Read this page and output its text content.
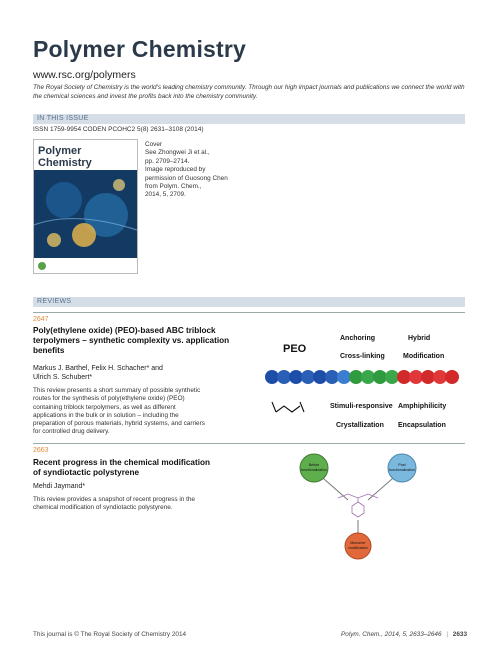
Polymer Chemistry
www.rsc.org/polymers
The Royal Society of Chemistry is the world's leading chemistry community. Through our high impact journals and publications we connect the world with the chemical sciences and invest the profits back into the chemistry community.
IN THIS ISSUE
ISSN 1759-9954 CODEN PCOHC2 5(8) 2631–3108 (2014)
Polymer
Chemistry
Cover
See Zhongwei Ji et al.,
pp. 2709–2714.
Image reproduced by
permission of Guosong Chen
from Polym. Chem.,
2014, 5, 2709.
REVIEWS
2647
Poly(ethylene oxide) (PEO)-based ABC triblock
terpolymers – synthetic complexity vs. application
benefits
Markus J. Barthel, Felix H. Schacher* and
Ulrich S. Schubert*
This review presents a short summary of possible synthetic
routes for the synthesis of poly(ethylene oxide) (PEO)
containing triblock terpolymers, as well as different
applications in the bulk or in solution – including the
preparation of porous materials, hybrid systems, and carriers
for controlled drug delivery.
PEO
Anchoring	Hybrid
Cross-linking	Modification
Stimuli-responsive Amphiphilicity
Crystallization Encapsulation
2663
Recent progress in the chemical modification
of syndiotactic polystyrene
Mehdi Jaymand*
This review provides a snapshot of recent progress in the
chemical modification of syndiotactic polystyrene.
Before
functionalization
Post
functionalization
Monomer
modification
This journal is © The Royal Society of Chemistry 2014	Polym. Chem., 2014, 5, 2633–2646 | 2633
